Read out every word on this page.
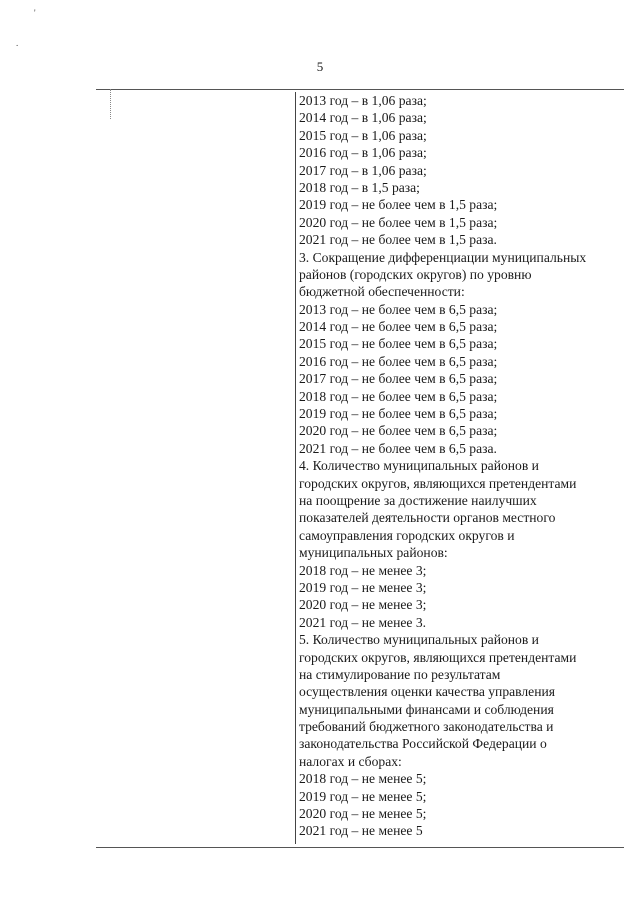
'
.
5
2013 год – в 1,06 раза;
2014 год – в 1,06 раза;
2015 год – в 1,06 раза;
2016 год – в 1,06 раза;
2017 год – в 1,06 раза;
2018 год – в 1,5 раза;
2019 год – не более чем в 1,5 раза;
2020 год – не более чем в 1,5 раза;
2021 год – не более чем в 1,5 раза.
3. Сокращение дифференциации муниципальных
районов (городских округов) по уровню
бюджетной обеспеченности:
2013 год – не более чем в 6,5 раза;
2014 год – не более чем в 6,5 раза;
2015 год – не более чем в 6,5 раза;
2016 год – не более чем в 6,5 раза;
2017 год – не более чем в 6,5 раза;
2018 год – не более чем в 6,5 раза;
2019 год – не более чем в 6,5 раза;
2020 год – не более чем в 6,5 раза;
2021 год – не более чем в 6,5 раза.
4. Количество муниципальных районов и
городских округов, являющихся претендентами
на поощрение за достижение наилучших
показателей деятельности органов местного
самоуправления городских округов и
муниципальных районов:
2018 год – не менее 3;
2019 год – не менее 3;
2020 год – не менее 3;
2021 год – не менее 3.
5. Количество муниципальных районов и
городских округов, являющихся претендентами
на стимулирование по результатам
осуществления оценки качества управления
муниципальными финансами и соблюдения
требований бюджетного законодательства и
законодательства Российской Федерации о
налогах и сборах:
2018 год – не менее 5;
2019 год – не менее 5;
2020 год – не менее 5;
2021 год – не менее 5
